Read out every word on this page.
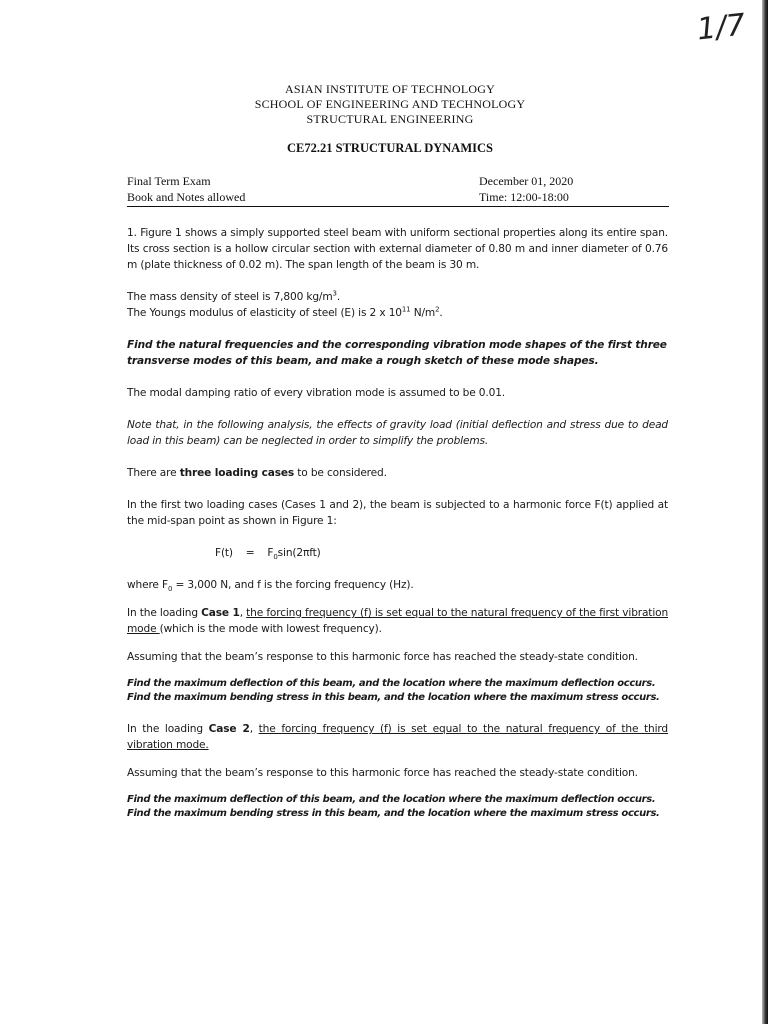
1/7
ASIAN INSTITUTE OF TECHNOLOGY
SCHOOL OF ENGINEERING AND TECHNOLOGY
STRUCTURAL ENGINEERING
CE72.21 STRUCTURAL DYNAMICS
Final Term Exam	December 01, 2020
Book and Notes allowed	Time: 12:00-18:00

1. Figure 1 shows a simply supported steel beam with uniform sectional properties along its entire span. Its cross section is a hollow circular section with external diameter of 0.80 m and inner diameter of 0.76 m (plate thickness of 0.02 m). The span length of the beam is 30 m.

The mass density of steel is 7,800 $kg/m^3$.

The Youngs modulus of elasticity of steel (E) is 2 x $10^{11}$ $N/m^2$.

Find the natural frequencies and the corresponding vibration mode shapes of the first three transverse modes of this beam, and make a rough sketch of these mode shapes.

The modal damping ratio of every vibration mode is assumed to be 0.01.

Note that, in the following analysis, the effects of gravity load (initial deflection and stress due to dead load in this beam) can be neglected in order to simplify the problems.

There are three loading cases to be considered.

In the first two loading cases (Cases 1 and 2), the beam is subjected to a harmonic force F(t) applied at the mid-span point as shown in Figure 1:

$F(t) = F_0\sin(2\pi ft)$

where $F_0 = 3,000$ N, and f is the forcing frequency (Hz).

In the loading Case 1, the forcing frequency (f) is set equal to the natural frequency of the first vibration mode (which is the mode with lowest frequency).

Assuming that the beam’s response to this harmonic force has reached the steady-state condition.

Find the maximum deflection of this beam, and the location where the maximum deflection occurs.

Find the maximum bending stress in this beam, and the location where the maximum stress occurs.

In the loading Case 2, the forcing frequency (f) is set equal to the natural frequency of the third vibration mode.

Assuming that the beam’s response to this harmonic force has reached the steady-state condition.

Find the maximum deflection of this beam, and the location where the maximum deflection occurs.

Find the maximum bending stress in this beam, and the location where the maximum stress occurs.
